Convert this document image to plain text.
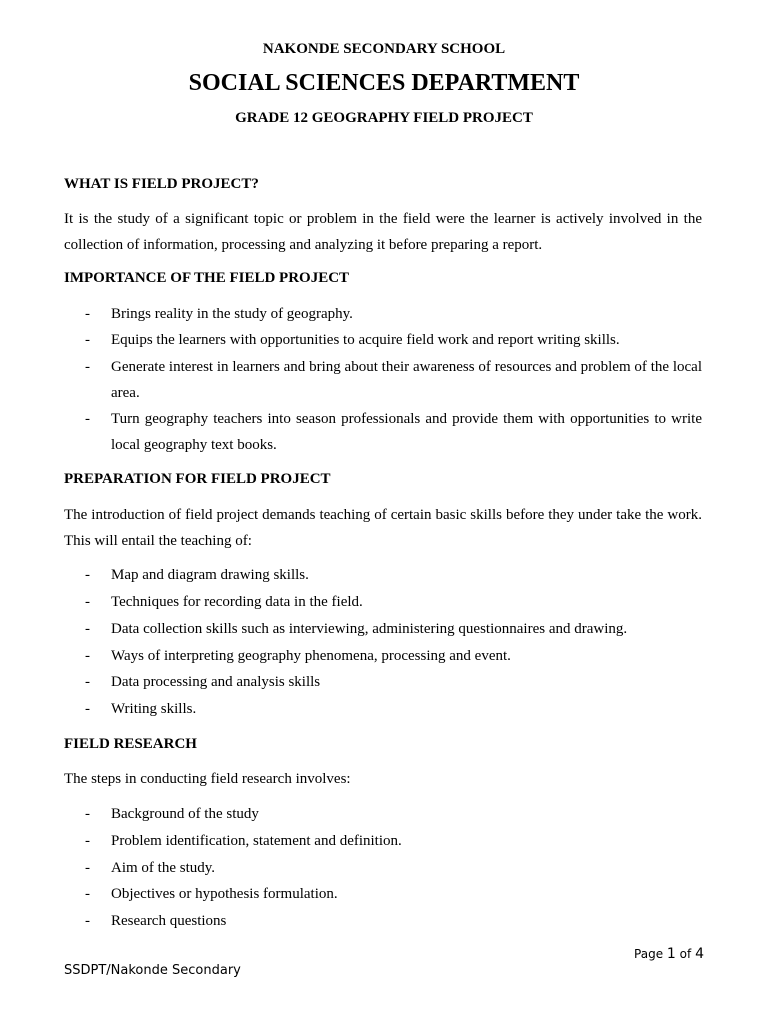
NAKONDE SECONDARY SCHOOL
SOCIAL SCIENCES DEPARTMENT
GRADE 12 GEOGRAPHY FIELD PROJECT
WHAT IS FIELD PROJECT?

It is the study of a significant topic or problem in the field were the learner is actively involved in the collection of information, processing and analyzing it before preparing a report.

IMPORTANCE OF THE FIELD PROJECT
-	Brings reality in the study of geography.
-	Equips the learners with opportunities to acquire field work and report writing skills.
-	Generate interest in learners and bring about their awareness of resources and problem of the local area.
-	Turn geography teachers into season professionals and provide them with opportunities to write local geography text books.
PREPARATION FOR FIELD PROJECT

The introduction of field project demands teaching of certain basic skills before they under take the work. This will entail the teaching of:

-	Map and diagram drawing skills.
-	Techniques for recording data in the field.
-	Data collection skills such as interviewing, administering questionnaires and drawing.
-	Ways of interpreting geography phenomena, processing and event.
-	Data processing and analysis skills
-	Writing skills.
FIELD RESEARCH

The steps in conducting field research involves:

-	Background of the study
-	Problem identification, statement and definition.
-	Aim of the study.
-	Objectives or hypothesis formulation.
-	Research questions
Page 1 of 4
SSDPT/Nakonde Secondary
